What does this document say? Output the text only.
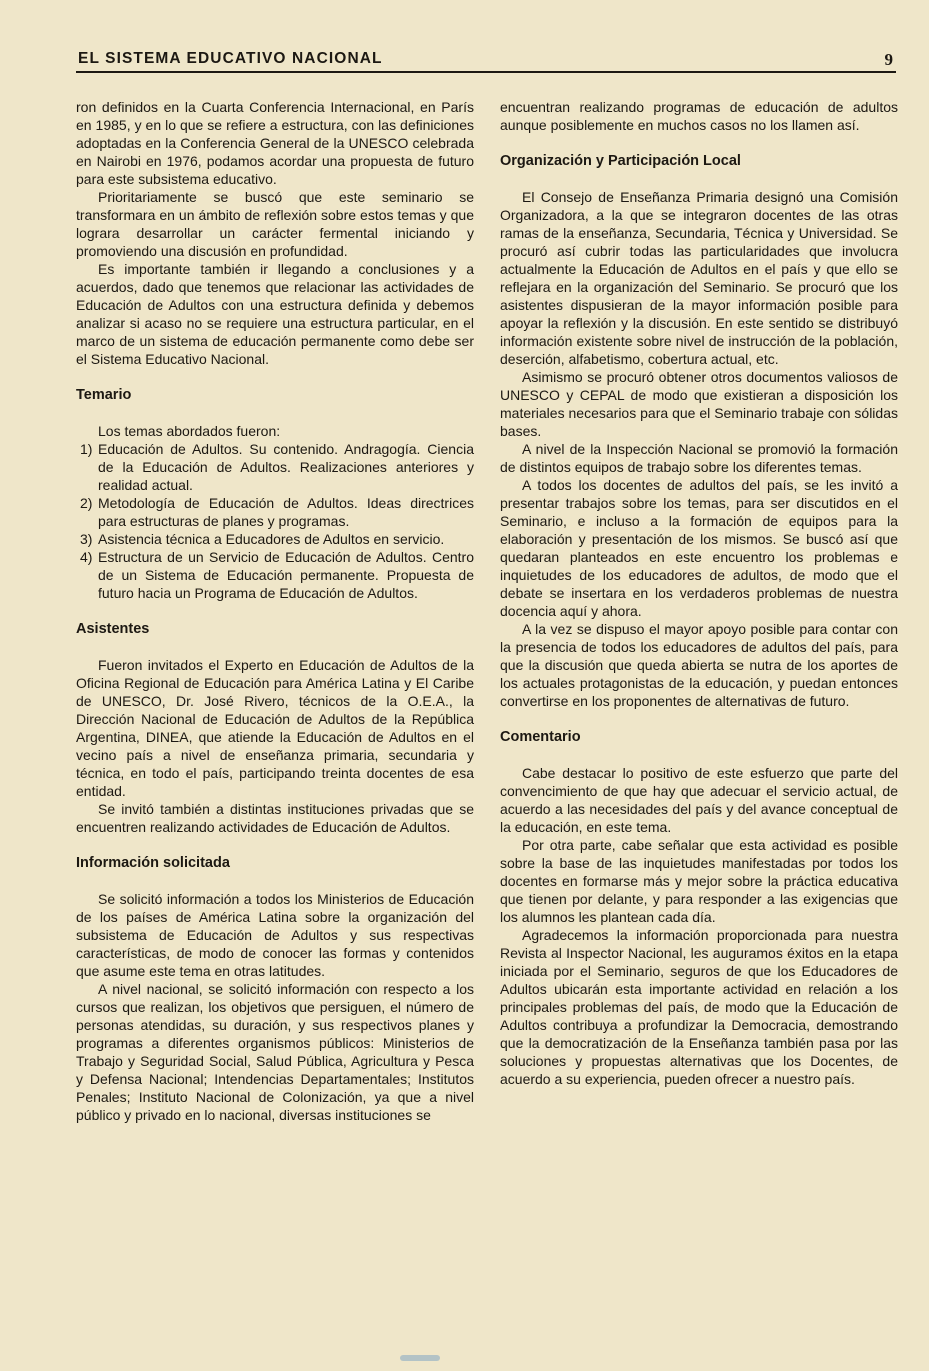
EL SISTEMA EDUCATIVO NACIONAL	9

ron definidos en la Cuarta Conferencia Internacional, en París en 1985, y en lo que se refiere a estructura, con las definiciones adoptadas en la Conferencia General de la UNESCO celebrada en Nairobi en 1976, podamos acordar una propuesta de futuro para este subsistema educativo.

Prioritariamente se buscó que este seminario se transformara en un ámbito de reflexión sobre estos temas y que lograra desarrollar un carácter fermental iniciando y promoviendo una discusión en profundidad.

Es importante también ir llegando a conclusiones y a acuerdos, dado que tenemos que relacionar las actividades de Educación de Adultos con una estructura definida y debemos analizar si acaso no se requiere una estructura particular, en el marco de un sistema de educación permanente como debe ser el Sistema Educativo Nacional.

Temario

Los temas abordados fueron:

1) Educación de Adultos. Su contenido. Andragogía. Ciencia de la Educación de Adultos. Realizaciones anteriores y realidad actual.
2) Metodología de Educación de Adultos. Ideas directrices para estructuras de planes y programas.
3) Asistencia técnica a Educadores de Adultos en servicio.
4) Estructura de un Servicio de Educación de Adultos. Centro de un Sistema de Educación permanente. Propuesta de futuro hacia un Programa de Educación de Adultos.
Asistentes

Fueron invitados el Experto en Educación de Adultos de la Oficina Regional de Educación para América Latina y El Caribe de UNESCO, Dr. José Rivero, técnicos de la O.E.A., la Dirección Nacional de Educación de Adultos de la República Argentina, DINEA, que atiende la Educación de Adultos en el vecino país a nivel de enseñanza primaria, secundaria y técnica, en todo el país, participando treinta docentes de esa entidad.

Se invitó también a distintas instituciones privadas que se encuentren realizando actividades de Educación de Adultos.

Información solicitada

Se solicitó información a todos los Ministerios de Educación de los países de América Latina sobre la organización del subsistema de Educación de Adultos y sus respectivas características, de modo de conocer las formas y contenidos que asume este tema en otras latitudes.

A nivel nacional, se solicitó información con respecto a los cursos que realizan, los objetivos que persiguen, el número de personas atendidas, su duración, y sus respectivos planes y programas a diferentes organismos públicos: Ministerios de Trabajo y Seguridad Social, Salud Pública, Agricultura y Pesca y Defensa Nacional; Intendencias Departamentales; Institutos Penales; Instituto Nacional de Colonización, ya que a nivel público y privado en lo nacional, diversas instituciones se

encuentran realizando programas de educación de adultos aunque posiblemente en muchos casos no los llamen así.

Organización y Participación Local

El Consejo de Enseñanza Primaria designó una Comisión Organizadora, a la que se integraron docentes de las otras ramas de la enseñanza, Secundaria, Técnica y Universidad. Se procuró así cubrir todas las particularidades que involucra actualmente la Educación de Adultos en el país y que ello se reflejara en la organización del Seminario. Se procuró que los asistentes dispusieran de la mayor información posible para apoyar la reflexión y la discusión. En este sentido se distribuyó información existente sobre nivel de instrucción de la población, deserción, alfabetismo, cobertura actual, etc.

Asimismo se procuró obtener otros documentos valiosos de UNESCO y CEPAL de modo que existieran a disposición los materiales necesarios para que el Seminario trabaje con sólidas bases.

A nivel de la Inspección Nacional se promovió la formación de distintos equipos de trabajo sobre los diferentes temas.

A todos los docentes de adultos del país, se les invitó a presentar trabajos sobre los temas, para ser discutidos en el Seminario, e incluso a la formación de equipos para la elaboración y presentación de los mismos. Se buscó así que quedaran planteados en este encuentro los problemas e inquietudes de los educadores de adultos, de modo que el debate se insertara en los verdaderos problemas de nuestra docencia aquí y ahora.

A la vez se dispuso el mayor apoyo posible para contar con la presencia de todos los educadores de adultos del país, para que la discusión que queda abierta se nutra de los aportes de los actuales protagonistas de la educación, y puedan entonces convertirse en los proponentes de alternativas de futuro.

Comentario

Cabe destacar lo positivo de este esfuerzo que parte del convencimiento de que hay que adecuar el servicio actual, de acuerdo a las necesidades del país y del avance conceptual de la educación, en este tema.

Por otra parte, cabe señalar que esta actividad es posible sobre la base de las inquietudes manifestadas por todos los docentes en formarse más y mejor sobre la práctica educativa que tienen por delante, y para responder a las exigencias que los alumnos les plantean cada día.

Agradecemos la información proporcionada para nuestra Revista al Inspector Nacional, les auguramos éxitos en la etapa iniciada por el Seminario, seguros de que los Educadores de Adultos ubicarán esta importante actividad en relación a los principales problemas del país, de modo que la Educación de Adultos contribuya a profundizar la Democracia, demostrando que la democratización de la Enseñanza también pasa por las soluciones y propuestas alternativas que los Docentes, de acuerdo a su experiencia, pueden ofrecer a nuestro país.
